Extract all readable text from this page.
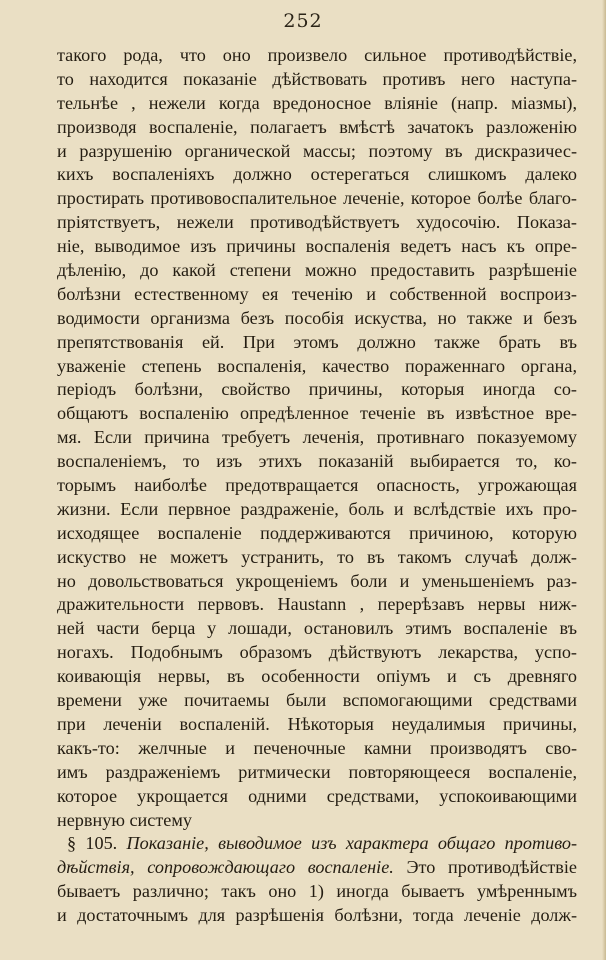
252
такого рода, что оно произвело сильное противодѣйствіе,
то находится показаніе дѣйствовать противъ него наступа-
тельнѣе , нежели когда вредоносное вліяніе (напр. міазмы),
производя воспаленіе, полагаетъ вмѣстѣ зачатокъ разложенію
и разрушенію органической массы; поэтому въ дискразичес-
кихъ воспаленіяхъ должно остерегаться слишкомъ далеко
простирать противовоспалительное леченіе, которое болѣе благо-
пріятствуетъ, нежели противодѣйствуетъ худосочію. Показа-
ніе, выводимое изъ причины воспаленія ведетъ насъ къ опре-
дѣленію, до какой степени можно предоставить разрѣшеніе
болѣзни естественному ея теченію и собственной воспроиз-
водимости организма безъ пособія искуства, но также и безъ
препятствованія ей. При этомъ должно также брать въ
уваженіе степень воспаленія, качество пораженнаго органа,
періодъ болѣзни, свойство причины, которыя иногда со-
общаютъ воспаленію опредѣленное теченіе въ извѣстное вре-
мя. Если причина требуетъ леченія, противнаго показуемому
воспаленіемъ, то изъ этихъ показаній выбирается то, ко-
торымъ наиболѣе предотвращается опасность, угрожающая
жизни. Если первное раздраженіе, боль и вслѣдствіе ихъ про-
исходящее воспаленіе поддерживаются причиною, которую
искуство не можетъ устранить, то въ такомъ случаѣ долж-
но довольствоваться укрощеніемъ боли и уменьшеніемъ раз-
дражительности первовъ. Haustann , перерѣзавъ нервы ниж-
ней части берца у лошади, остановилъ этимъ воспаленіе въ
ногахъ. Подобнымъ образомъ дѣйствуютъ лекарства, успо-
коивающія нервы, въ особенности опіумъ и съ древняго
времени уже почитаемы были вспомогающими средствами
при леченіи воспаленій. Нѣкоторыя неудалимыя причины,
какъ-то: желчные и печеночные камни производятъ сво-
имъ раздраженіемъ ритмически повторяющееся воспаленіе,
которое укрощается одними средствами, успокоивающими
нервную систему
§ 105. Показаніе, выводимое изъ характера общаго противо-
дѣйствія, сопровождающаго воспаленіе. Это противодѣйствіе
бываетъ различно; такъ оно 1) иногда бываетъ умѣреннымъ
и достаточнымъ для разрѣшенія болѣзни, тогда леченіе долж-
